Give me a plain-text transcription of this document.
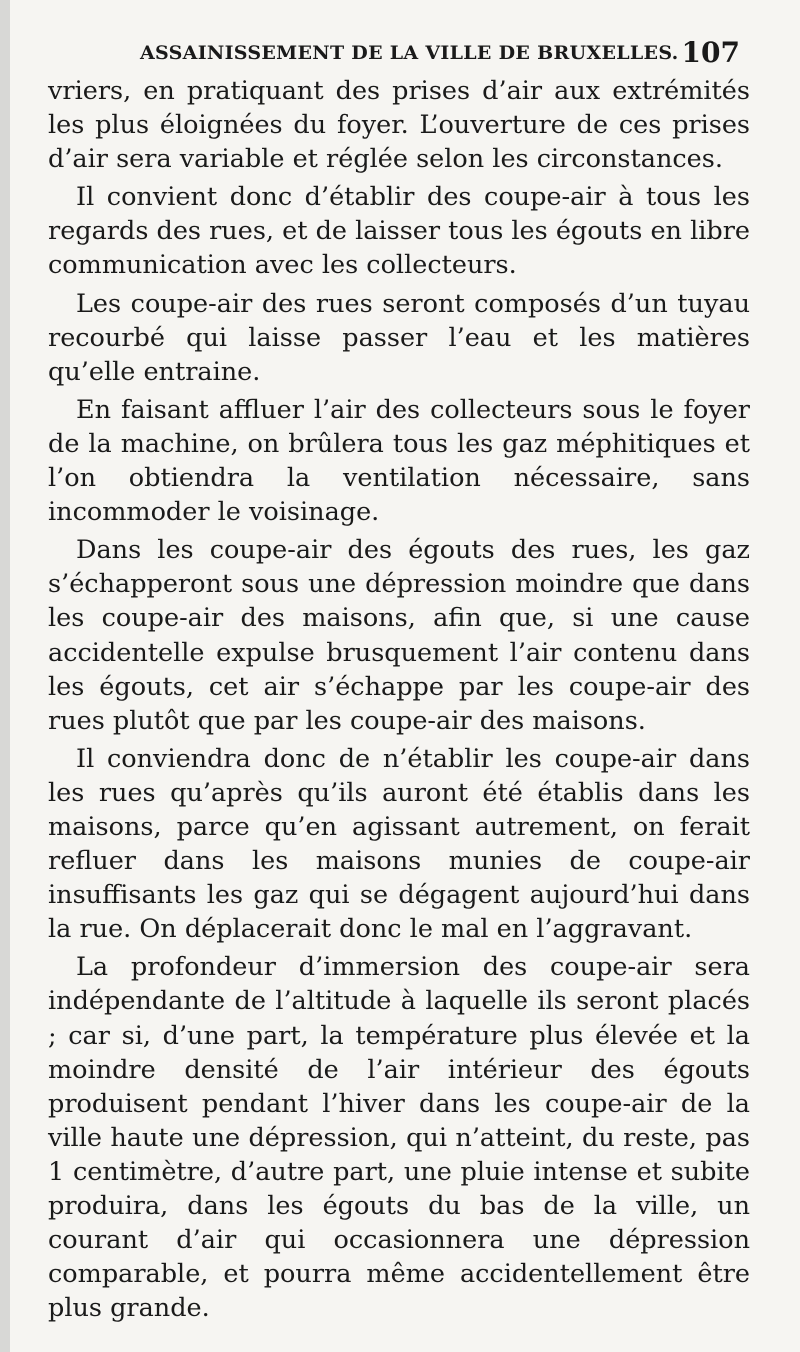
ASSAINISSEMENT DE LA VILLE DE BRUXELLES. 107

vriers, en pratiquant des prises d’air aux extrémités les plus éloignées du foyer. L’ouverture de ces prises d’air sera variable et réglée selon les circonstances.

Il convient donc d’établir des coupe-air à tous les regards des rues, et de laisser tous les égouts en libre communication avec les collecteurs.

Les coupe-air des rues seront composés d’un tuyau recourbé qui laisse passer l’eau et les matières qu’elle entraine.

En faisant affluer l’air des collecteurs sous le foyer de la machine, on brûlera tous les gaz méphitiques et l’on obtiendra la ventilation nécessaire, sans incommoder le voisinage.

Dans les coupe-air des égouts des rues, les gaz s’échapperont sous une dépression moindre que dans les coupe-air des maisons, afin que, si une cause accidentelle expulse brusquement l’air contenu dans les égouts, cet air s’échappe par les coupe-air des rues plutôt que par les coupe-air des maisons.

Il conviendra donc de n’établir les coupe-air dans les rues qu’après qu’ils auront été établis dans les maisons, parce qu’en agissant autrement, on ferait refluer dans les maisons munies de coupe-air insuffisants les gaz qui se dégagent aujourd’hui dans la rue. On déplacerait donc le mal en l’aggravant.

La profondeur d’immersion des coupe-air sera indépendante de l’altitude à laquelle ils seront placés ; car si, d’une part, la température plus élevée et la moindre densité de l’air intérieur des égouts produisent pendant l’hiver dans les coupe-air de la ville haute une dépression, qui n’atteint, du reste, pas 1 centimètre, d’autre part, une pluie intense et subite produira, dans les égouts du bas de la ville, un courant d’air qui occasionnera une dépression comparable, et pourra même accidentellement être plus grande.
